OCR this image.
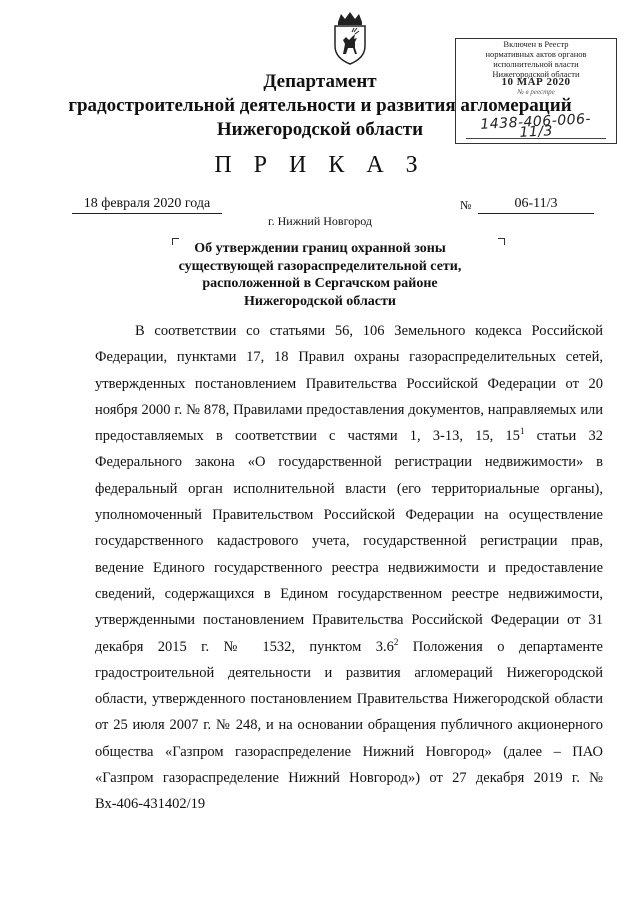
Включен в Реестр
нормативных актов органов
исполнительной власти
Нижегородской области
10 МАР 2020
№ в реестре
1438-406-006-11/3
Департамент
градостроительной деятельности и развития агломераций
Нижегородской области
П Р И К А З
18 февраля 2020 года	№	06-11/3
г. Нижний Новгород
Об утверждении границ охранной зоны
существующей газораспределительной сети,
расположенной в Сергачском районе
Нижегородской области
В соответствии со статьями 56, 106 Земельного кодекса Российской Федерации, пунктами 17, 18 Правил охраны газораспределительных сетей, утвержденных постановлением Правительства Российской Федерации от 20 ноября 2000 г. № 878, Правилами предоставления документов, направляемых или предоставляемых в соответствии с частями 1, 3-13, 15, $15^1$ статьи 32 Федерального закона «О государственной регистрации недвижимости» в федеральный орган исполнительной власти (его территориальные органы), уполномоченный Правительством Российской Федерации на осуществление государственного кадастрового учета, государственной регистрации прав, ведение Единого государственного реестра недвижимости и предоставление сведений, содержащихся в Едином государственном реестре недвижимости, утвержденными постановлением Правительства Российской Федерации от 31 декабря 2015 г. № 1532, пунктом $3.6^2$ Положения о департаменте градостроительной деятельности и развития агломераций Нижегородской области, утвержденного постановлением Правительства Нижегородской области от 25 июля 2007 г. № 248, и на основании обращения публичного акционерного общества «Газпром газораспределение Нижний Новгород» (далее – ПАО «Газпром газораспределение Нижний Новгород») от 27 декабря 2019 г. № Вх-406-431402/19
